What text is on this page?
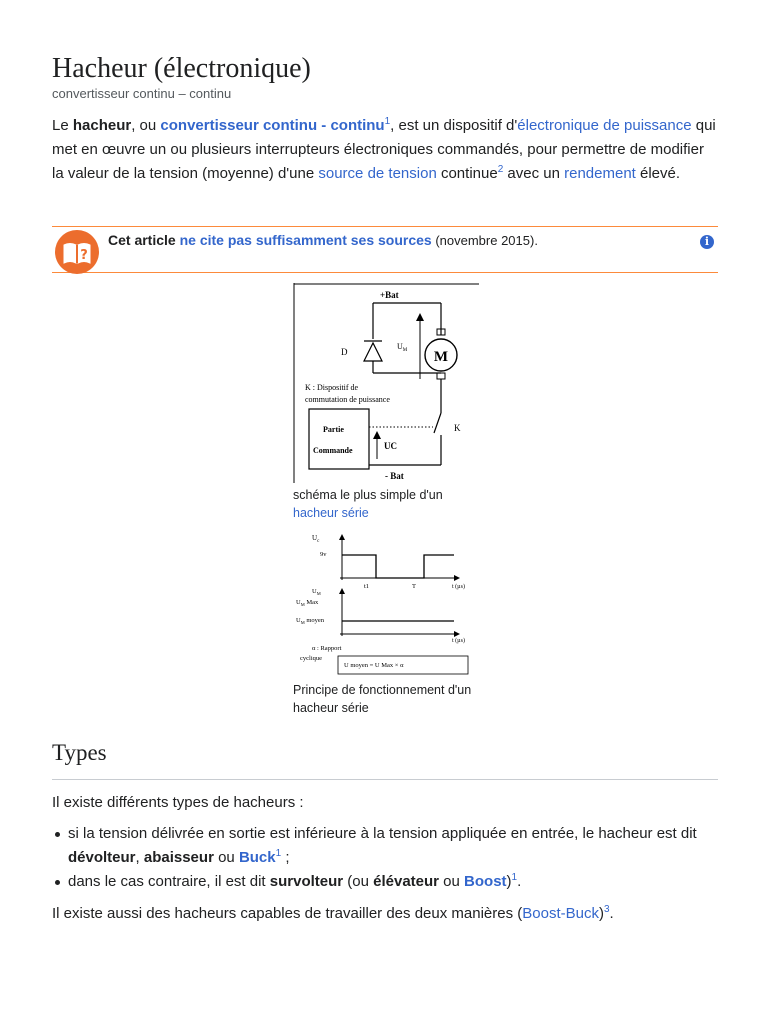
Hacheur (électronique)
convertisseur continu – continu

Le hacheur, ou convertisseur continu - continu$^1$, est un dispositif d'électronique de puissance qui met en œuvre un ou plusieurs interrupteurs électroniques commandés, pour permettre de modifier la valeur de la tension (moyenne) d'une source de tension continue$^2$ avec un rendement élevé.

?
Cet article ne cite pas suffisamment ses sources (novembre 2015).	i
+Bat
D
$U_M$ M
K : Dispositif de
commutation de puissance
K
Partie
Commande	UC
- Bat
schéma le plus simple d'un
hacheur série
$U_c$
9v
t1	T	t (µs)
$U_M$
$U_M$ Max
$U_M$ moyen
t (µs)
α : Rapport
cyclique
U moyen = U Max × α
Principe de fonctionnement d'un hacheur série
Types

Il existe différents types de hacheurs :

si la tension délivrée en sortie est inférieure à la tension appliquée en entrée, le hacheur est dit dévolteur, abaisseur ou Buck$^1$ ;
dans le cas contraire, il est dit survolteur (ou élévateur ou Boost)$^1$.

Il existe aussi des hacheurs capables de travailler des deux manières (Boost-Buck)$^3$.
